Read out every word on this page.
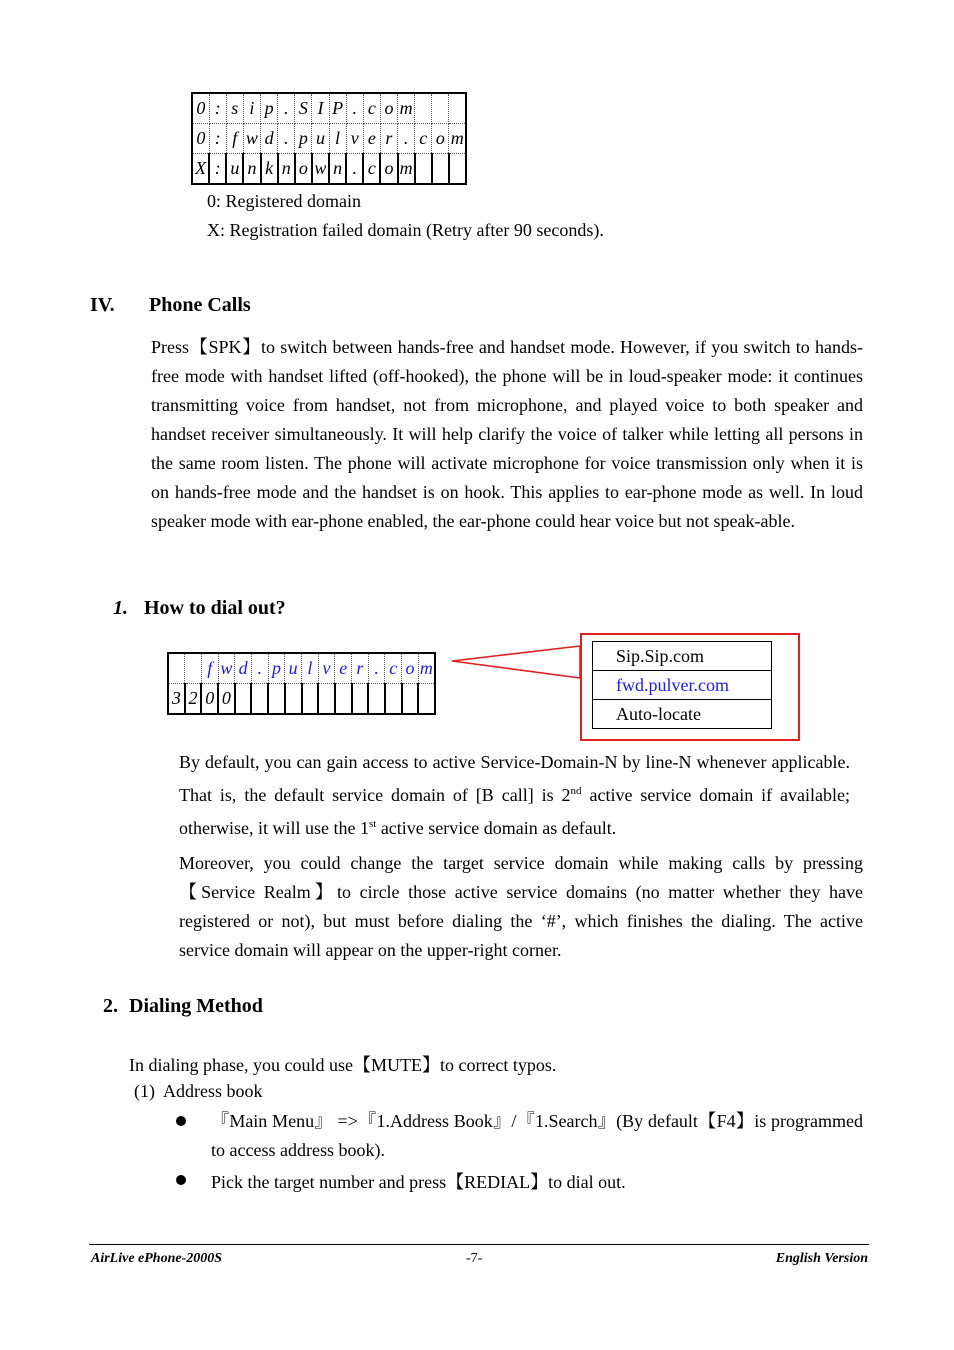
0	:	s	i	p	.	S	I	P	.	c	o	m			
0	:	f	w	d	.	p	u	l	v	e	r	.	c	o	m
X	:	u	n	k	n	o	w	n	.	c	o	m			
0: Registered domain
X: Registration failed domain (Retry after 90 seconds).
IV. Phone Calls
Press【SPK】to switch between hands-free and handset mode. However, if you switch to hands-free mode with handset lifted (off-hooked), the phone will be in loud-speaker mode: it continues transmitting voice from handset, not from microphone, and played voice to both speaker and handset receiver simultaneously. It will help clarify the voice of talker while letting all persons in the same room listen. The phone will activate microphone for voice transmission only when it is on hands-free mode and the handset is on hook. This applies to ear-phone mode as well. In loud speaker mode with ear-phone enabled, the ear-phone could hear voice but not speak-able.
1. How to dial out?
		f	w	d	.	p	u	l	v	e	r	.	c	o	m
3	2	0	0												
Sip.Sip.com
fwd.pulver.com
Auto-locate
By default, you can gain access to active Service-Domain-N by line-N whenever applicable. That is, the default service domain of [B call] is 2nd active service domain if available; otherwise, it will use the 1st active service domain as default.
Moreover, you could change the target service domain while making calls by pressing【Service Realm】to circle those active service domains (no matter whether they have registered or not), but must before dialing the ‘#’, which finishes the dialing. The active service domain will appear on the upper-right corner.
2. Dialing Method
In dialing phase, you could use【MUTE】to correct typos.
(1)  Address book
『Main Menu』 =>『1.Address Book』/『1.Search』(By default【F4】is programmed to access address book).
Pick the target number and press【REDIAL】to dial out.
AirLive ePhone-2000S	-7-	English Version
